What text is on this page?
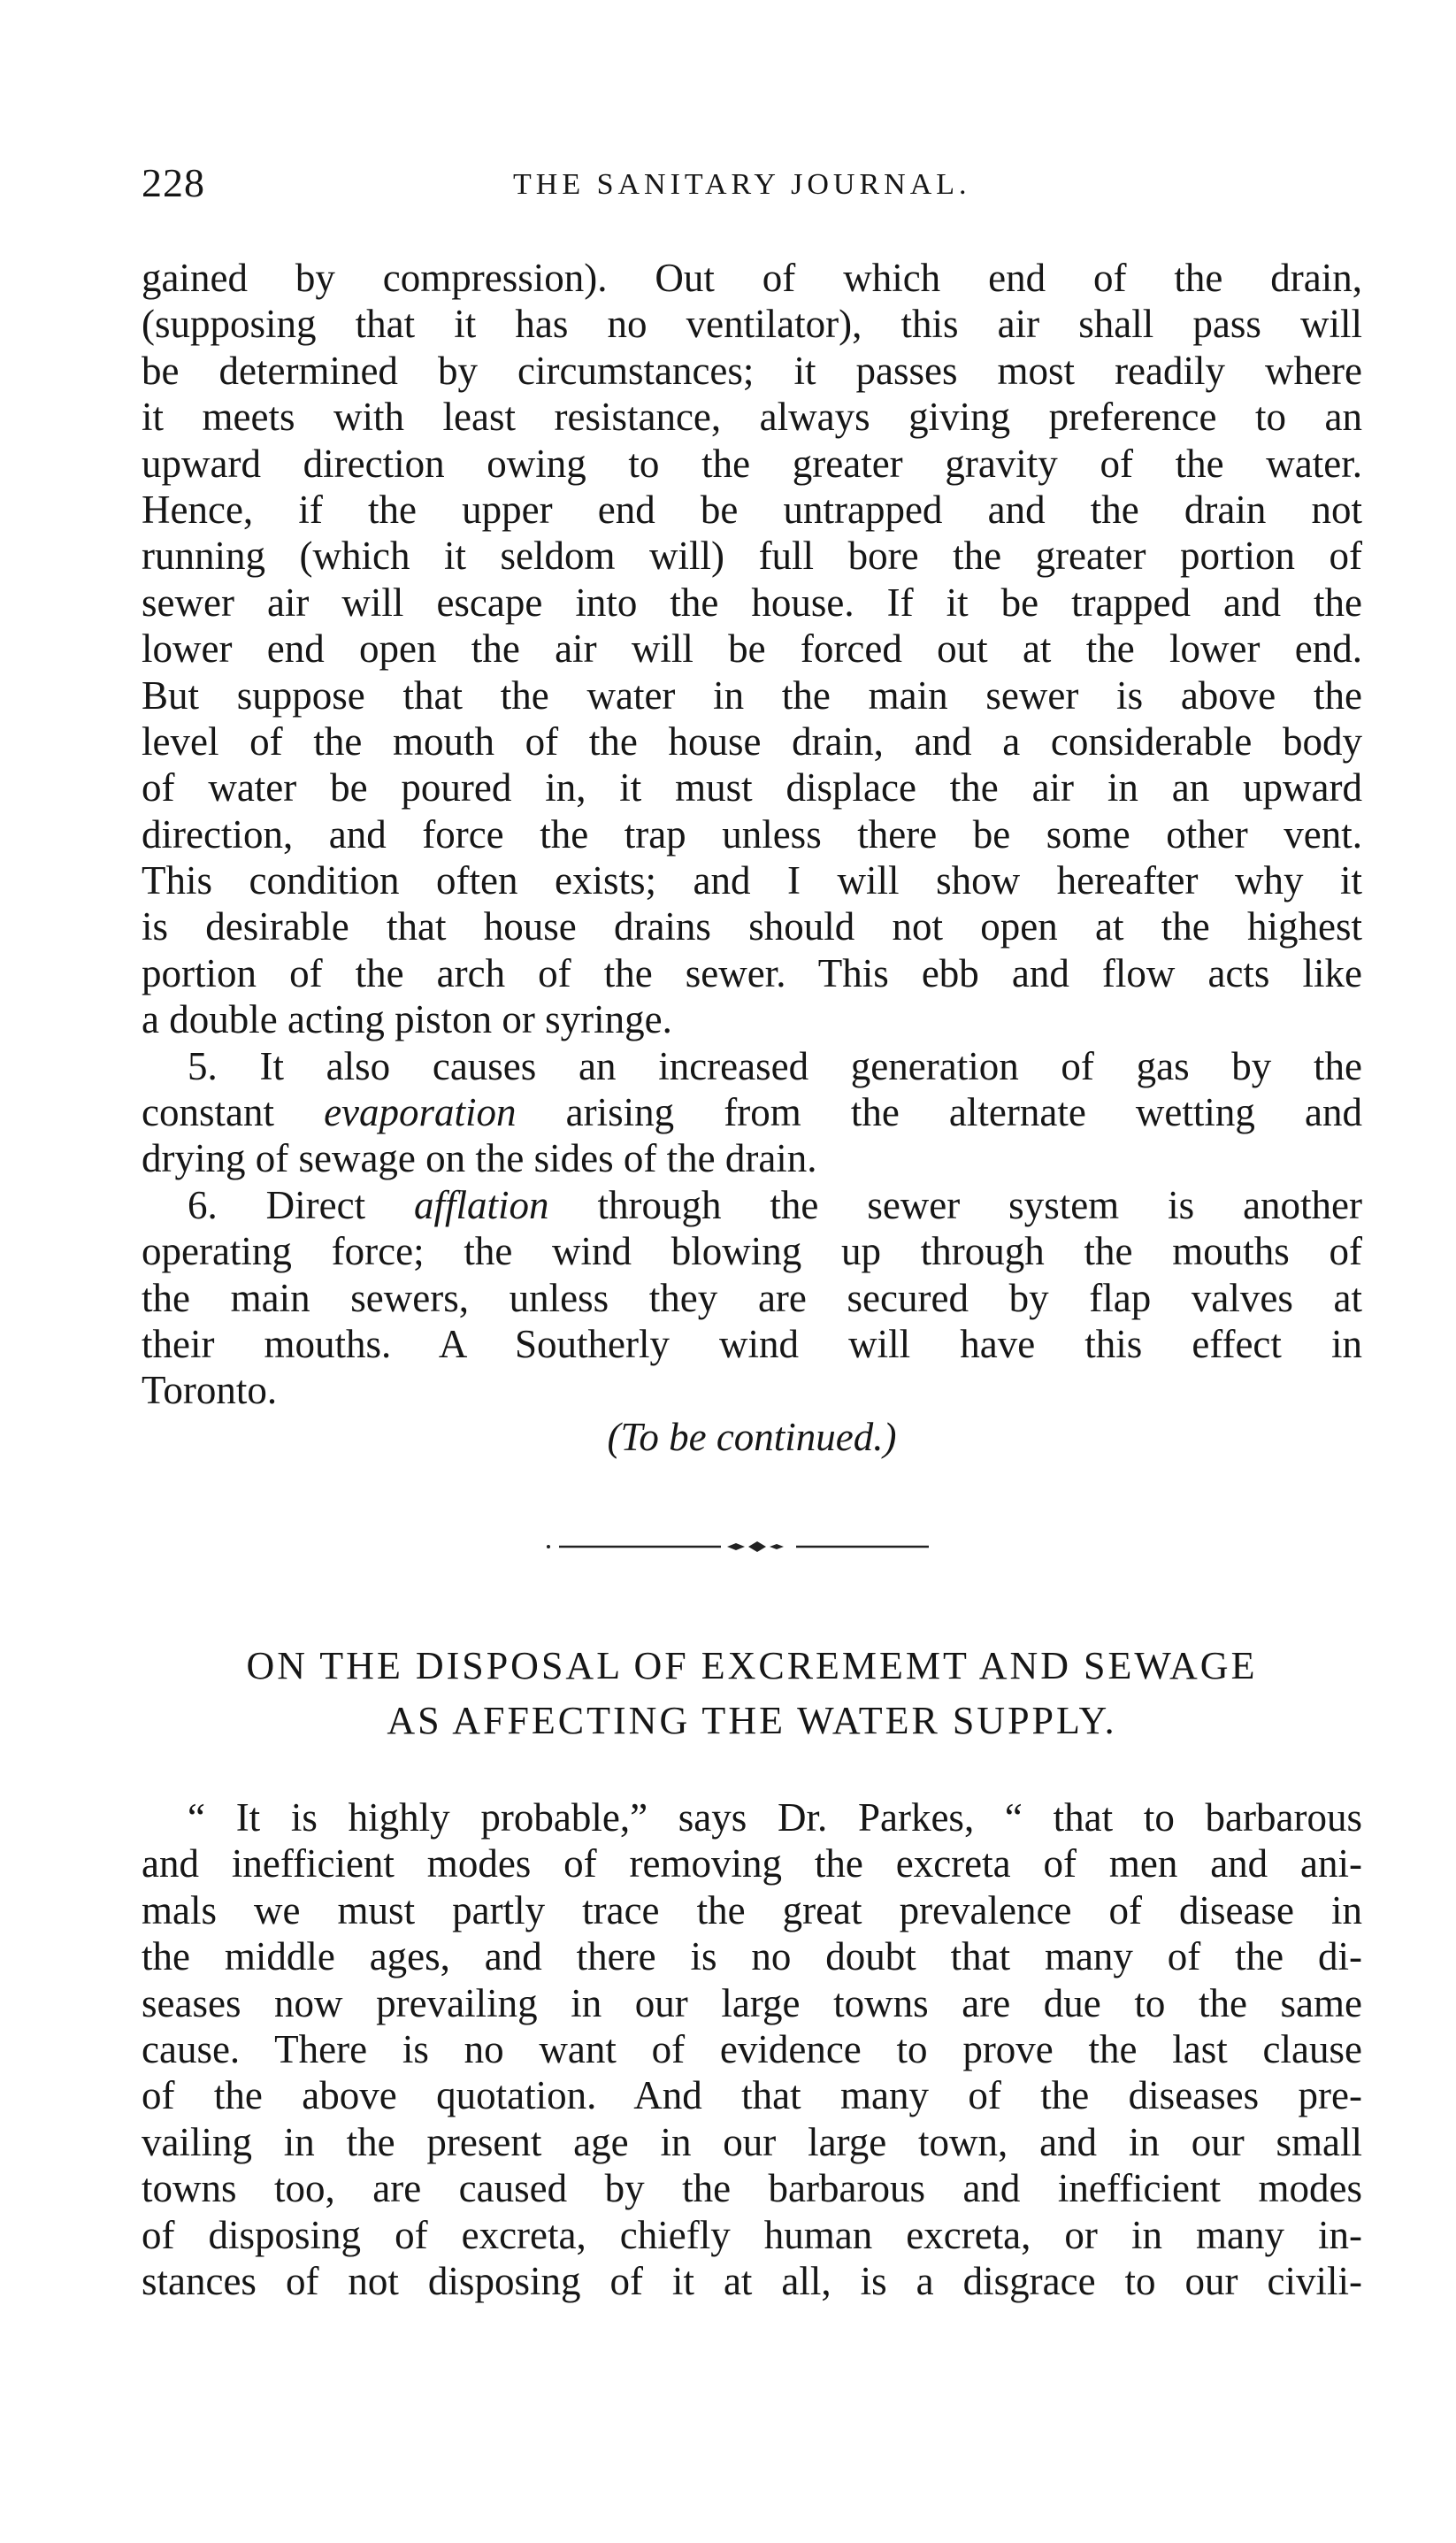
228	THE SANITARY JOURNAL.
gained by compression). Out of which end of the drain,
(supposing that it has no ventilator), this air shall pass will
be determined by circumstances; it passes most readily where
it meets with least resistance, always giving preference to an
upward direction owing to the greater gravity of the water.
Hence, if the upper end be untrapped and the drain not
running (which it seldom will) full bore the greater portion of
sewer air will escape into the house. If it be trapped and the
lower end open the air will be forced out at the lower end.
But suppose that the water in the main sewer is above the
level of the mouth of the house drain, and a considerable body
of water be poured in, it must displace the air in an upward
direction, and force the trap unless there be some other vent.
This condition often exists; and I will show hereafter why it
is desirable that house drains should not open at the highest
portion of the arch of the sewer. This ebb and flow acts like
a double acting piston or syringe.
5. It also causes an increased generation of gas by the
constant evaporation arising from the alternate wetting and
drying of sewage on the sides of the drain.
6. Direct afflation through the sewer system is another
operating force; the wind blowing up through the mouths of
the main sewers, unless they are secured by flap valves at
their mouths. A Southerly wind will have this effect in
Toronto.
(To be continued.)
ON THE DISPOSAL OF EXCREMEMT AND SEWAGE
AS AFFECTING THE WATER SUPPLY.
“ It is highly probable,” says Dr. Parkes, “ that to barbarous
and inefficient modes of removing the excreta of men and ani-
mals we must partly trace the great prevalence of disease in
the middle ages, and there is no doubt that many of the di-
seases now prevailing in our large towns are due to the same
cause. There is no want of evidence to prove the last clause
of the above quotation. And that many of the diseases pre-
vailing in the present age in our large town, and in our small
towns too, are caused by the barbarous and inefficient modes
of disposing of excreta, chiefly human excreta, or in many in-
stances of not disposing of it at all, is a disgrace to our civili-
